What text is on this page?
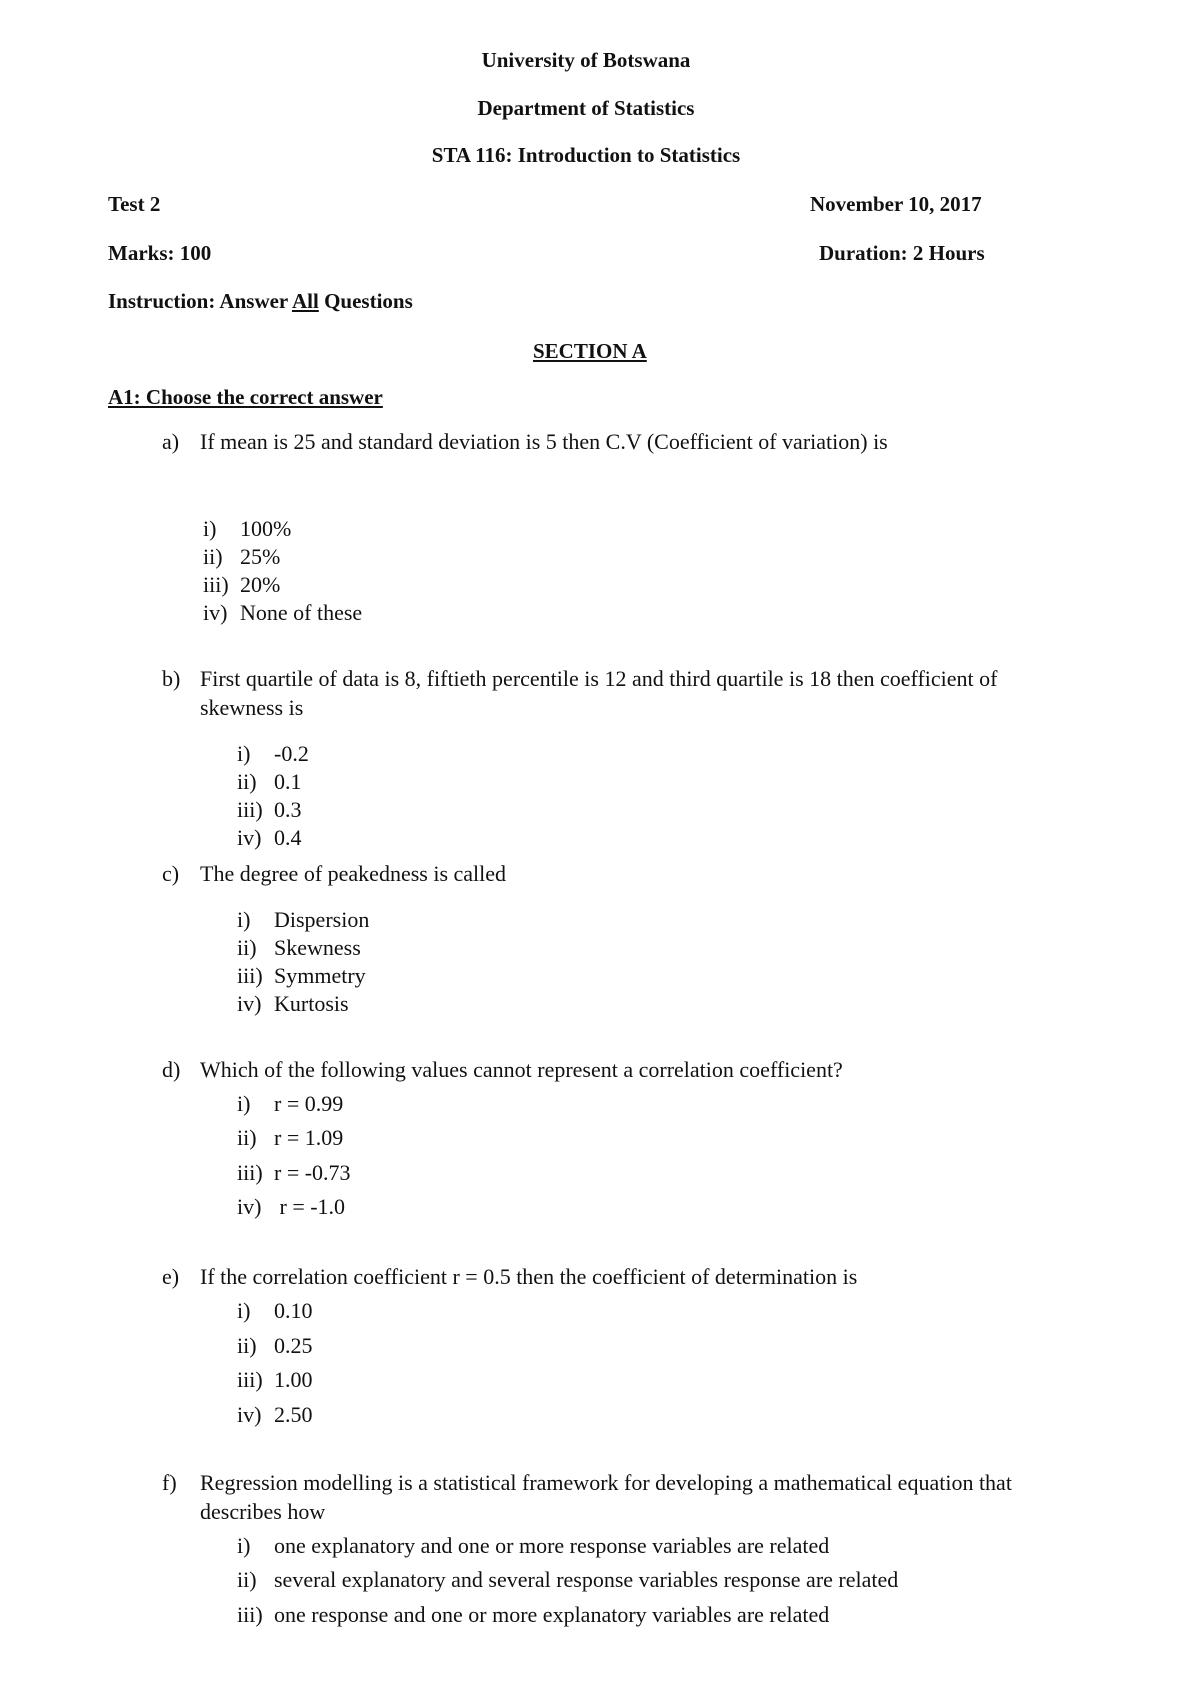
University of Botswana
Department of Statistics
STA 116: Introduction to Statistics
Test 2	November 10, 2017
Marks: 100	Duration: 2 Hours
Instruction: Answer All Questions
SECTION A
A1: Choose the correct answer
a) If mean is 25 and standard deviation is 5 then C.V (Coefficient of variation) is
i) 100%
ii) 25%
iii) 20%
iv) None of these
b) First quartile of data is 8, fiftieth percentile is 12 and third quartile is 18 then coefficient of skewness is
i) -0.2
ii) 0.1
iii) 0.3
iv) 0.4
c) The degree of peakedness is called
i) Dispersion
ii) Skewness
iii) Symmetry
iv) Kurtosis
d) Which of the following values cannot represent a correlation coefficient?
i) r = 0.99
ii) r = 1.09
iii) r = -0.73
iv) r = -1.0
e) If the correlation coefficient r = 0.5 then the coefficient of determination is
i) 0.10
ii) 0.25
iii) 1.00
iv) 2.50
f) Regression modelling is a statistical framework for developing a mathematical equation that describes how
i) one explanatory and one or more response variables are related
ii) several explanatory and several response variables response are related
iii) one response and one or more explanatory variables are related
